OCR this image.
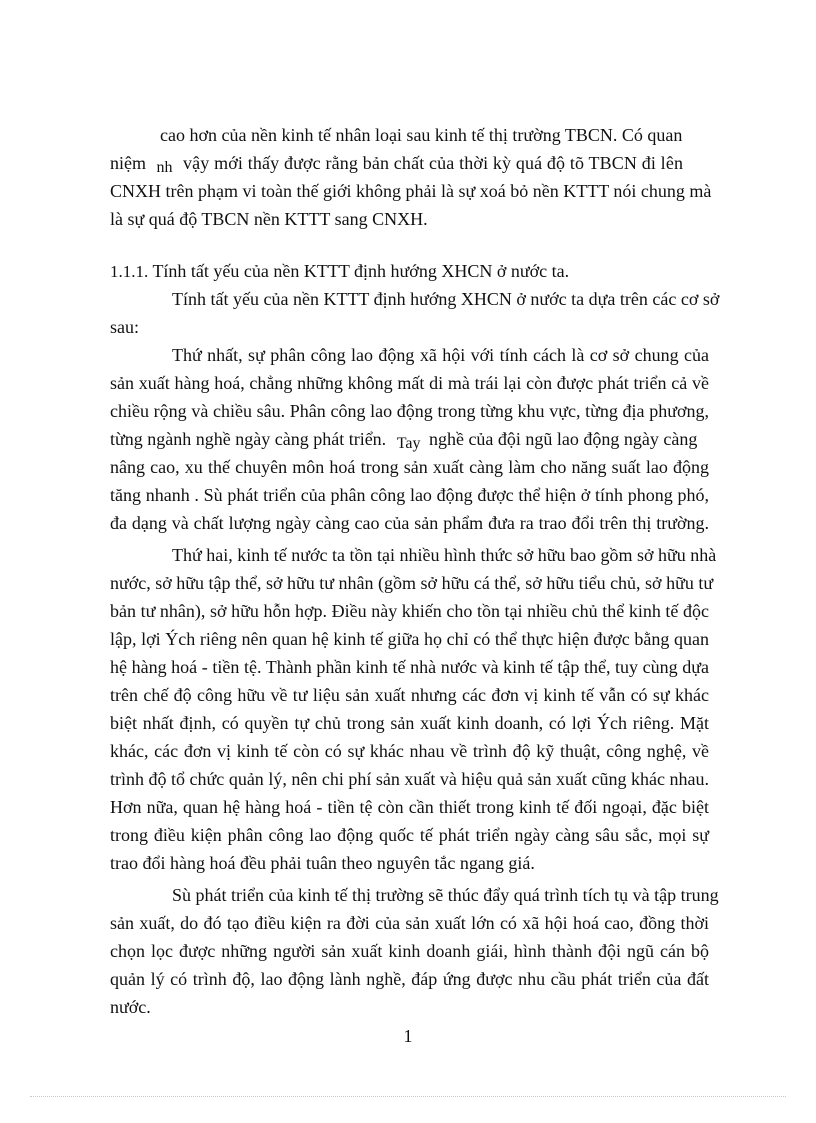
cao hơn của nền kinh tế nhân loại sau kinh tế thị trường TBCN. Có quan
niệm nh vậy mới thấy được rằng bản chất của thời kỳ quá độ tõ TBCN đi lên
CNXH trên phạm vi toàn thế giới không phải là sự xoá bỏ nền KTTT nói chung mà
là sự quá độ TBCN nền KTTT sang CNXH.
1.1.1. Tính tất yếu của nền KTTT định hướng XHCN ở nước ta.
Tính tất yếu của nền KTTT định hướng XHCN ở nước ta dựa trên các cơ sở
sau:
Thứ nhất, sự phân công lao động xã hội với tính cách là cơ sở chung của
sản xuất hàng hoá, chẳng những không mất di mà trái lại còn được phát triển cả về
chiều rộng và chiều sâu. Phân công lao động trong từng khu vực, từng địa phương,
từng ngành nghề ngày càng phát triển. Tay nghề của đội ngũ lao động ngày càng
nâng cao, xu thế chuyên môn hoá trong sản xuất càng làm cho năng suất lao động
tăng nhanh . Sù phát triển của phân công lao động được thể hiện ở tính phong phó,
đa dạng và chất lượng ngày càng cao của sản phẩm đưa ra trao đổi trên thị trường.
Thứ hai, kinh tế nước ta tồn tại nhiều hình thức sở hữu bao gồm sở hữu nhà
nước, sở hữu tập thể, sở hữu tư nhân (gồm sở hữu cá thể, sở hữu tiểu chủ, sở hữu tư
bản tư nhân), sở hữu hỗn hợp. Điều này khiến cho tồn tại nhiều chủ thể kinh tế độc
lập, lợi Ých riêng nên quan hệ kinh tế giữa họ chỉ có thể thực hiện được bằng quan
hệ hàng hoá - tiền tệ. Thành phần kinh tế nhà nước và kinh tế tập thể, tuy cùng dựa
trên chế độ công hữu về tư liệu sản xuất nhưng các đơn vị kinh tế vẫn có sự khác
biệt nhất định, có quyền tự chủ trong sản xuất kinh doanh, có lợi Ých riêng. Mặt
khác, các đơn vị kinh tế còn có sự khác nhau về trình độ kỹ thuật, công nghệ, về
trình độ tổ chức quản lý, nên chi phí sản xuất và hiệu quả sản xuất cũng khác nhau.
Hơn nữa, quan hệ hàng hoá - tiền tệ còn cần thiết trong kinh tế đối ngoại, đặc biệt
trong điều kiện phân công lao động quốc tế phát triển ngày càng sâu sắc, mọi sự
trao đổi hàng hoá đều phải tuân theo nguyên tắc ngang giá.
Sù phát triển của kinh tế thị trường sẽ thúc đẩy quá trình tích tụ và tập trung
sản xuất, do đó tạo điều kiện ra đời của sản xuất lớn có xã hội hoá cao, đồng thời
chọn lọc được những người sản xuất kinh doanh giái, hình thành đội ngũ cán bộ
quản lý có trình độ, lao động lành nghề, đáp ứng được nhu cầu phát triển của đất
nước.
1
